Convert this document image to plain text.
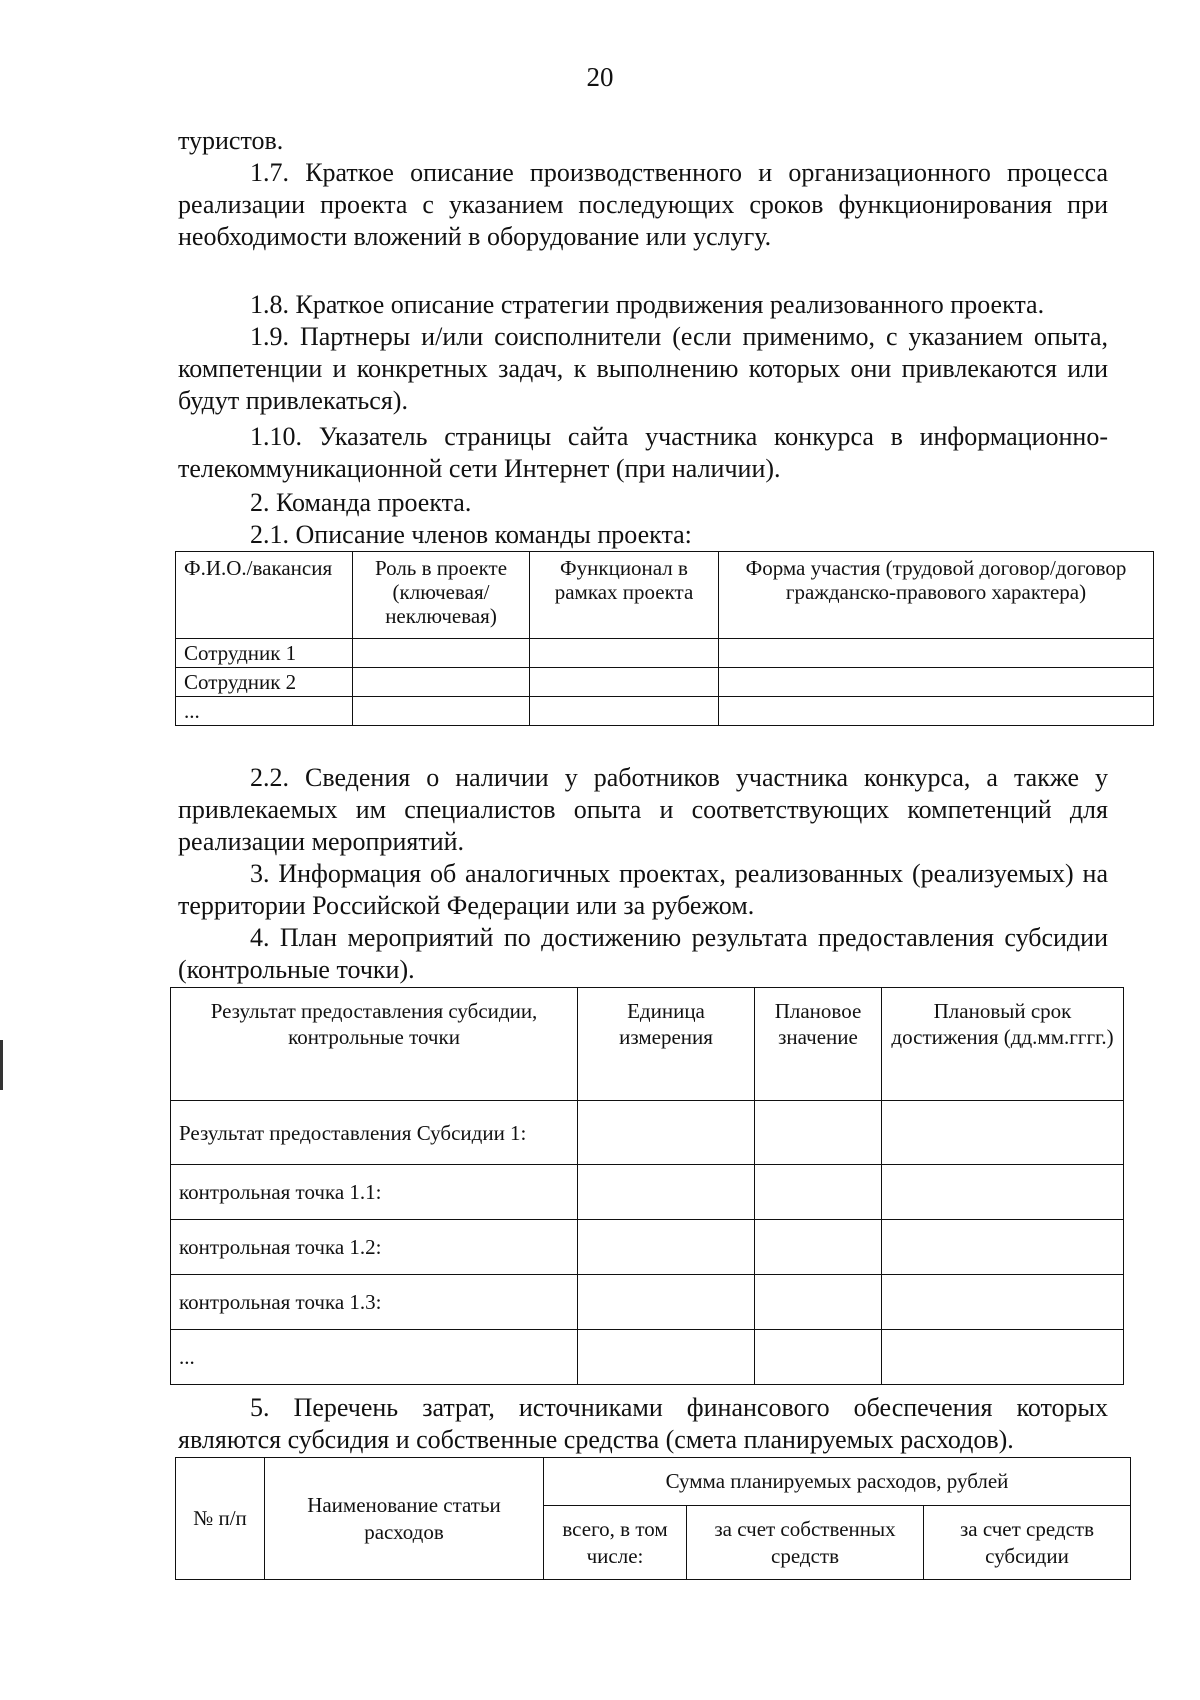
20

туристов.

1.7. Краткое описание производственного и организационного процесса реализации проекта с указанием последующих сроков функционирования при необходимости вложений в оборудование или услугу.

1.8. Краткое описание стратегии продвижения реализованного проекта.

1.9. Партнеры и/или соисполнители (если применимо, с указанием опыта, компетенции и конкретных задач, к выполнению которых они привлекаются или будут привлекаться).

1.10. Указатель страницы сайта участника конкурса в информационно-телекоммуникационной сети Интернет (при наличии).

2. Команда проекта.

2.1. Описание членов команды проекта:

Ф.И.О./вакансия	Роль в проекте (ключевая/ неключевая)	Функционал в рамках проекта	Форма участия (трудовой договор/договор гражданско-правового характера)
Сотрудник 1			
Сотрудник 2			
...			

2.2. Сведения о наличии у работников участника конкурса, а также у привлекаемых им специалистов опыта и соответствующих компетенций для реализации мероприятий.

3. Информация об аналогичных проектах, реализованных (реализуемых) на территории Российской Федерации или за рубежом.

4. План мероприятий по достижению результата предоставления субсидии (контрольные точки).

Результат предоставления субсидии, контрольные точки	Единица измерения	Плановое значение	Плановый срок достижения (дд.мм.гггг.)
Результат предоставления Субсидии 1:			
контрольная точка 1.1:			
контрольная точка 1.2:			
контрольная точка 1.3:			
...			

5. Перечень затрат, источниками финансового обеспечения которых являются субсидия и собственные средства (смета планируемых расходов).

№ п/п	Наименование статьи расходов	Сумма планируемых расходов, рублей		
		всего, в том числе:	за счет собственных средств	за счет средств субсидии
